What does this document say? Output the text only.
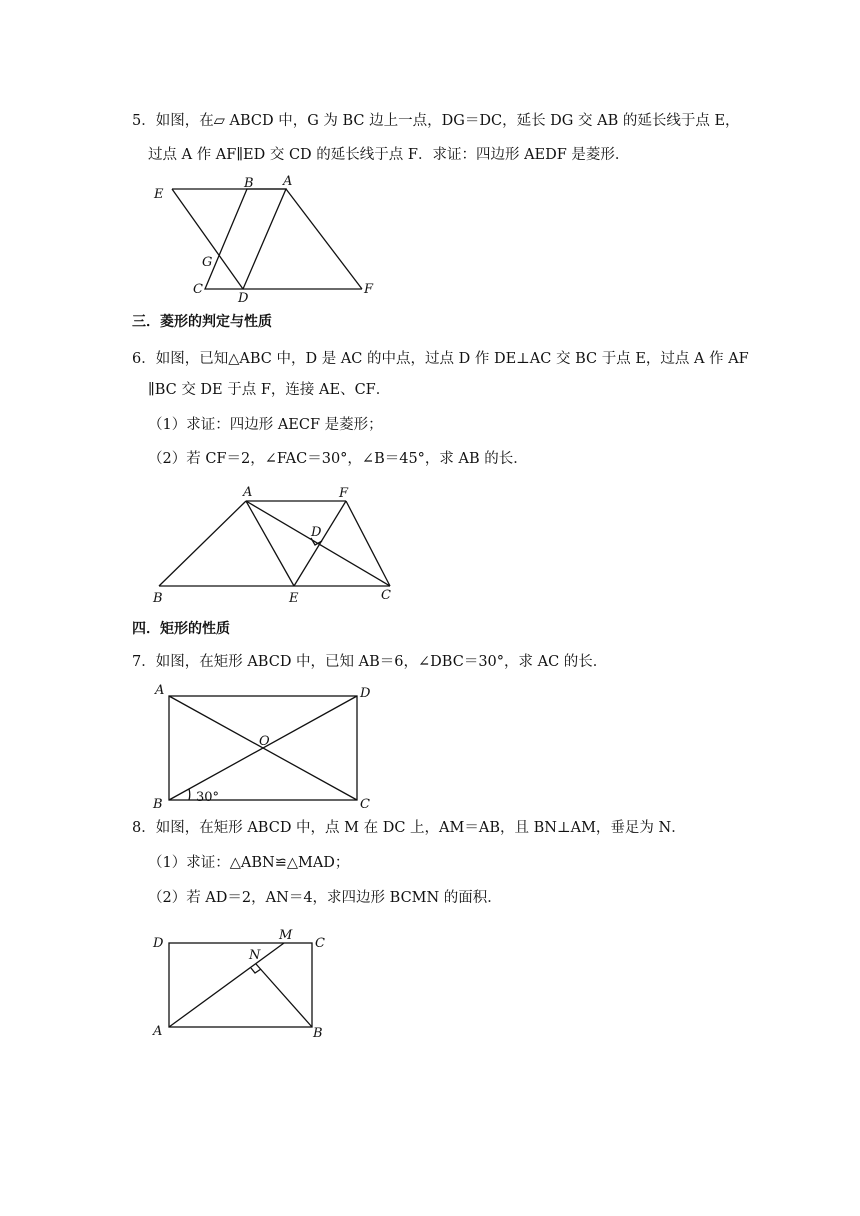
5．如图，在▱ ABCD 中，G 为 BC 边上一点，DG＝DC，延长 DG 交 AB 的延长线于点 E，
过点 A 作 AF∥ED 交 CD 的延长线于点 F．求证：四边形 AEDF 是菱形．
E
B A
G
C
D
F
三．菱形的判定与性质
6．如图，已知△ABC 中，D 是 AC 的中点，过点 D 作 DE⊥AC 交 BC 于点 E，过点 A 作 AF
∥BC 交 DE 于点 F，连接 AE、CF．
（1）求证：四边形 AECF 是菱形；
（2）若 CF＝2，∠FAC＝30°，∠B＝45°，求 AB 的长．
A	F
D
B	E	C
四．矩形的性质
7．如图，在矩形 ABCD 中，已知 AB＝6，∠DBC＝30°，求 AC 的长．
A	D
O
B	C
30°
8．如图，在矩形 ABCD 中，点 M 在 DC 上，AM＝AB，且 BN⊥AM，垂足为 N．
（1）求证：△ABN≌△MAD；
（2）若 AD＝2，AN＝4，求四边形 BCMN 的面积．
D
M
C
N
A	B
